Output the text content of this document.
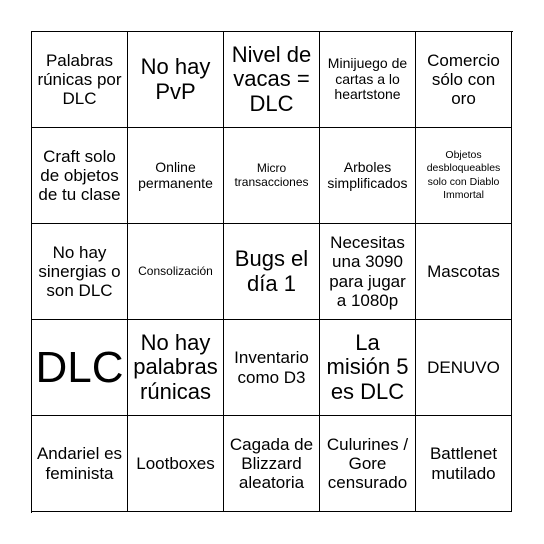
Palabras rúnicas por DLC
No hay PvP
Nivel de vacas = DLC
Minijuego de cartas a lo heartstone
Comercio sólo con oro
Craft solo de objetos de tu clase
Online permanente
Micro transacciones
Arboles simplificados
Objetos desbloqueables solo con Diablo Immortal
No hay sinergias o son DLC
Consolización Bugs el día 1
Necesitas una 3090 para jugar a 1080p
Mascotas
DLC
No hay palabras rúnicas
Inventario como D3
La misión 5 es DLC
DENUVO
Andariel es feminista
Lootboxes
Cagada de Blizzard aleatoria
Culurines / Gore censurado
Battlenet mutilado
